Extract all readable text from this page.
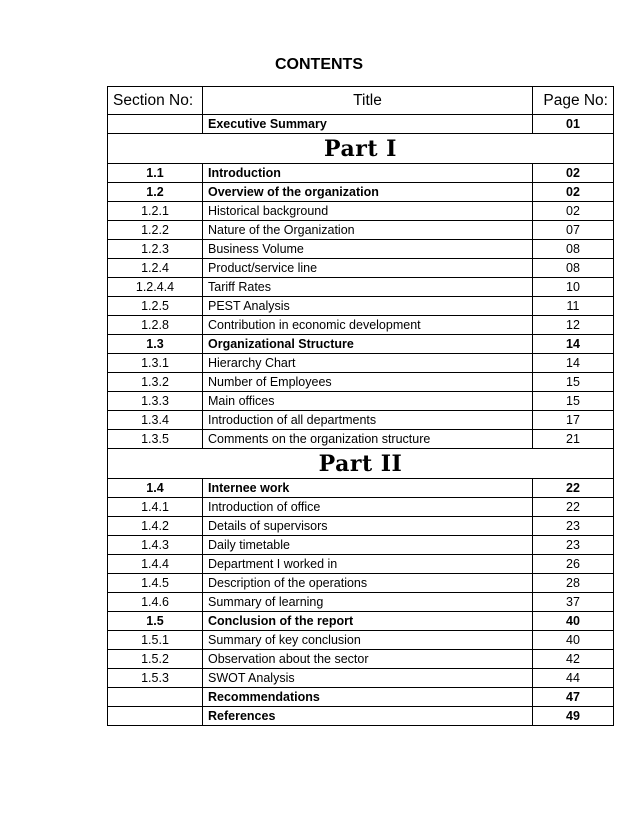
CONTENTS
Section No:	Title	Page No:
	Executive Summary	01
Part I		
1.1	Introduction	02
1.2	Overview of the organization	02
1.2.1	Historical background	02
1.2.2	Nature of the Organization	07
1.2.3	Business Volume	08
1.2.4	Product/service line	08
1.2.4.4	Tariff Rates	10
1.2.5	PEST Analysis	11
1.2.8	Contribution in economic development	12
1.3	Organizational Structure	14
1.3.1	Hierarchy Chart	14
1.3.2	Number of Employees	15
1.3.3	Main offices	15
1.3.4	Introduction of all departments	17
1.3.5	Comments on the organization structure	21
Part II		
1.4	Internee work	22
1.4.1	Introduction of office	22
1.4.2	Details of supervisors	23
1.4.3	Daily timetable	23
1.4.4	Department I worked in	26
1.4.5	Description of the operations	28
1.4.6	Summary of learning	37
1.5	Conclusion of the report	40
1.5.1	Summary of key conclusion	40
1.5.2	Observation about the sector	42
1.5.3	SWOT Analysis	44
	Recommendations	47
	References	49
